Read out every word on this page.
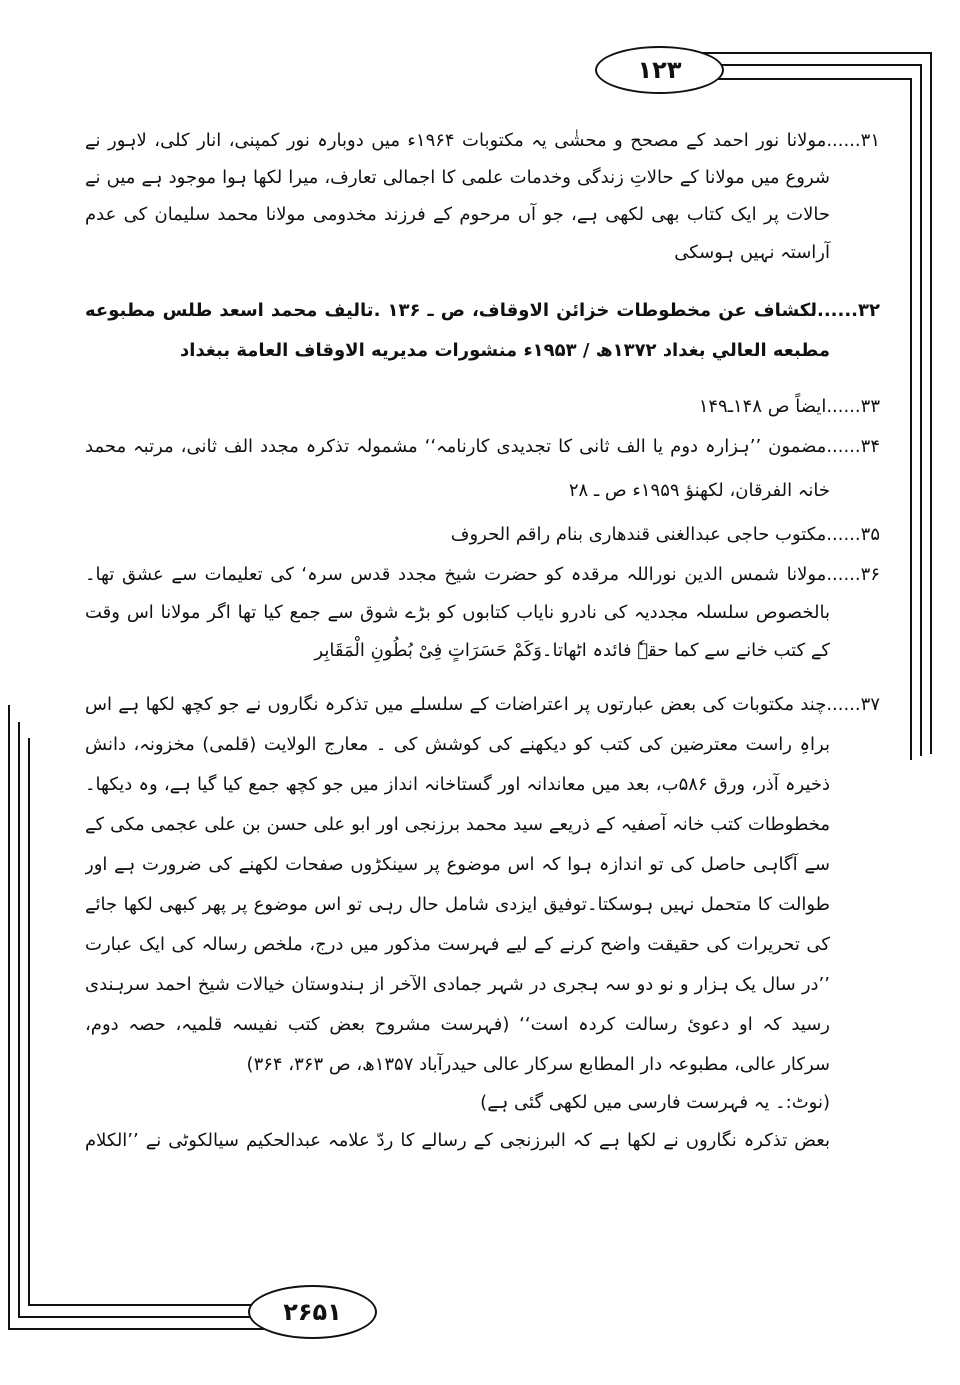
۱۲۳
۲۶۵۱
۳۱......مولانا نور احمد کے مصحح و محشٰی یہ مکتوبات ۱۹۶۴ء میں دوبارہ نور کمپنی، انار کلی، لاہور نے
شروع میں مولانا کے حالاتِ زندگی وخدمات علمی کا اجمالی تعارف، میرا لکھا ہوا موجود ہے میں نے
حالات پر ایک کتاب بھی لکھی ہے، جو آں مرحوم کے فرزند مخدومی مولانا محمد سلیمان کی عدم
آراستہ نہیں ہوسکی
۳۲......لکشاف عن مخطوطات خزائن الاوقاف، ص ـ ۱۳۶ .تالیف محمد اسعد طلس مطبوعه
مطبعه العالي بغداد ۱۳۷۲ھ / ۱۹۵۳ء منشورات مديريه الاوقاف العامة ببغداد
۳۳......ایضاً ص ۱۴۸ـ۱۴۹
۳۴......مضمون ’’ہزارہ دوم یا الف ثانی کا تجدیدی کارنامہ‘‘ مشمولہ تذکرہ مجدد الف ثانی، مرتبہ محمد
خانہ الفرقان، لکھنؤ ۱۹۵۹ء ص ـ ۲۸
۳۵......مکتوب حاجی عبدالغنی قندھاری بنام راقم الحروف
۳۶......مولانا شمس الدین نوراللہ مرقدہ کو حضرت شیخ مجدد قدس سرہ‘ کی تعلیمات سے عشق تھا۔
بالخصوص سلسلہ مجددیہ کی نادرو نایاب کتابوں کو بڑے شوق سے جمع کیا تھا اگر مولانا اس وقت
کے کتب خانے سے کما حقہٗ فائدہ اٹھاتا۔وَکَمْ حَسَرَاتٍ فِیْ بُطُونِ الْمَقَابِر
۳۷......چند مکتوبات کی بعض عبارتوں پر اعتراضات کے سلسلے میں تذکرہ نگاروں نے جو کچھ لکھا ہے اس
براہِ راست معترضین کی کتب کو دیکھنے کی کوشش کی ۔ معارج الولایت (قلمی) مخزونہ، دانش
ذخیرہ آذر، ورق ۵۸۶ب، بعد میں معاندانہ اور گستاخانہ انداز میں جو کچھ جمع کیا گیا ہے، وہ دیکھا۔
مخطوطات کتب خانہ آصفیہ کے ذریعے سید محمد برزنجی اور ابو علی حسن بن علی عجمی مکی کے
سے آگاہی حاصل کی تو اندازہ ہوا کہ اس موضوع پر سینکڑوں صفحات لکھنے کی ضرورت ہے اور
طوالت کا متحمل نہیں ہوسکتا۔توفیق ایزدی شامل حال رہی تو اس موضوع پر پھر کبھی لکھا جائے
کی تحریرات کی حقیقت واضح کرنے کے لیے فہرست مذکور میں درج، ملخص رسالہ کی ایک عبارت
’’در سال یک ہزار و نو دو سہ ہجری در شہر جمادی الآخر از ہندوستان خیالات شیخ احمد سرہندی
رسید کہ او دعوئ رسالت کردہ است‘‘ (فہرست مشروح بعض کتب نفیسہ قلمیہ، حصہ دوم،
سرکار عالی، مطبوعہ دار المطابع سرکار عالی حیدرآباد ۱۳۵۷ھ، ص ۳۶۳، ۳۶۴)
(نوٹ:۔ یہ فہرست فارسی میں لکھی گئی ہے)
بعض تذکرہ نگاروں نے لکھا ہے کہ البرزنجی کے رسالے کا ردّ علامہ عبدالحکیم سیالکوٹی نے ’’الکلام
